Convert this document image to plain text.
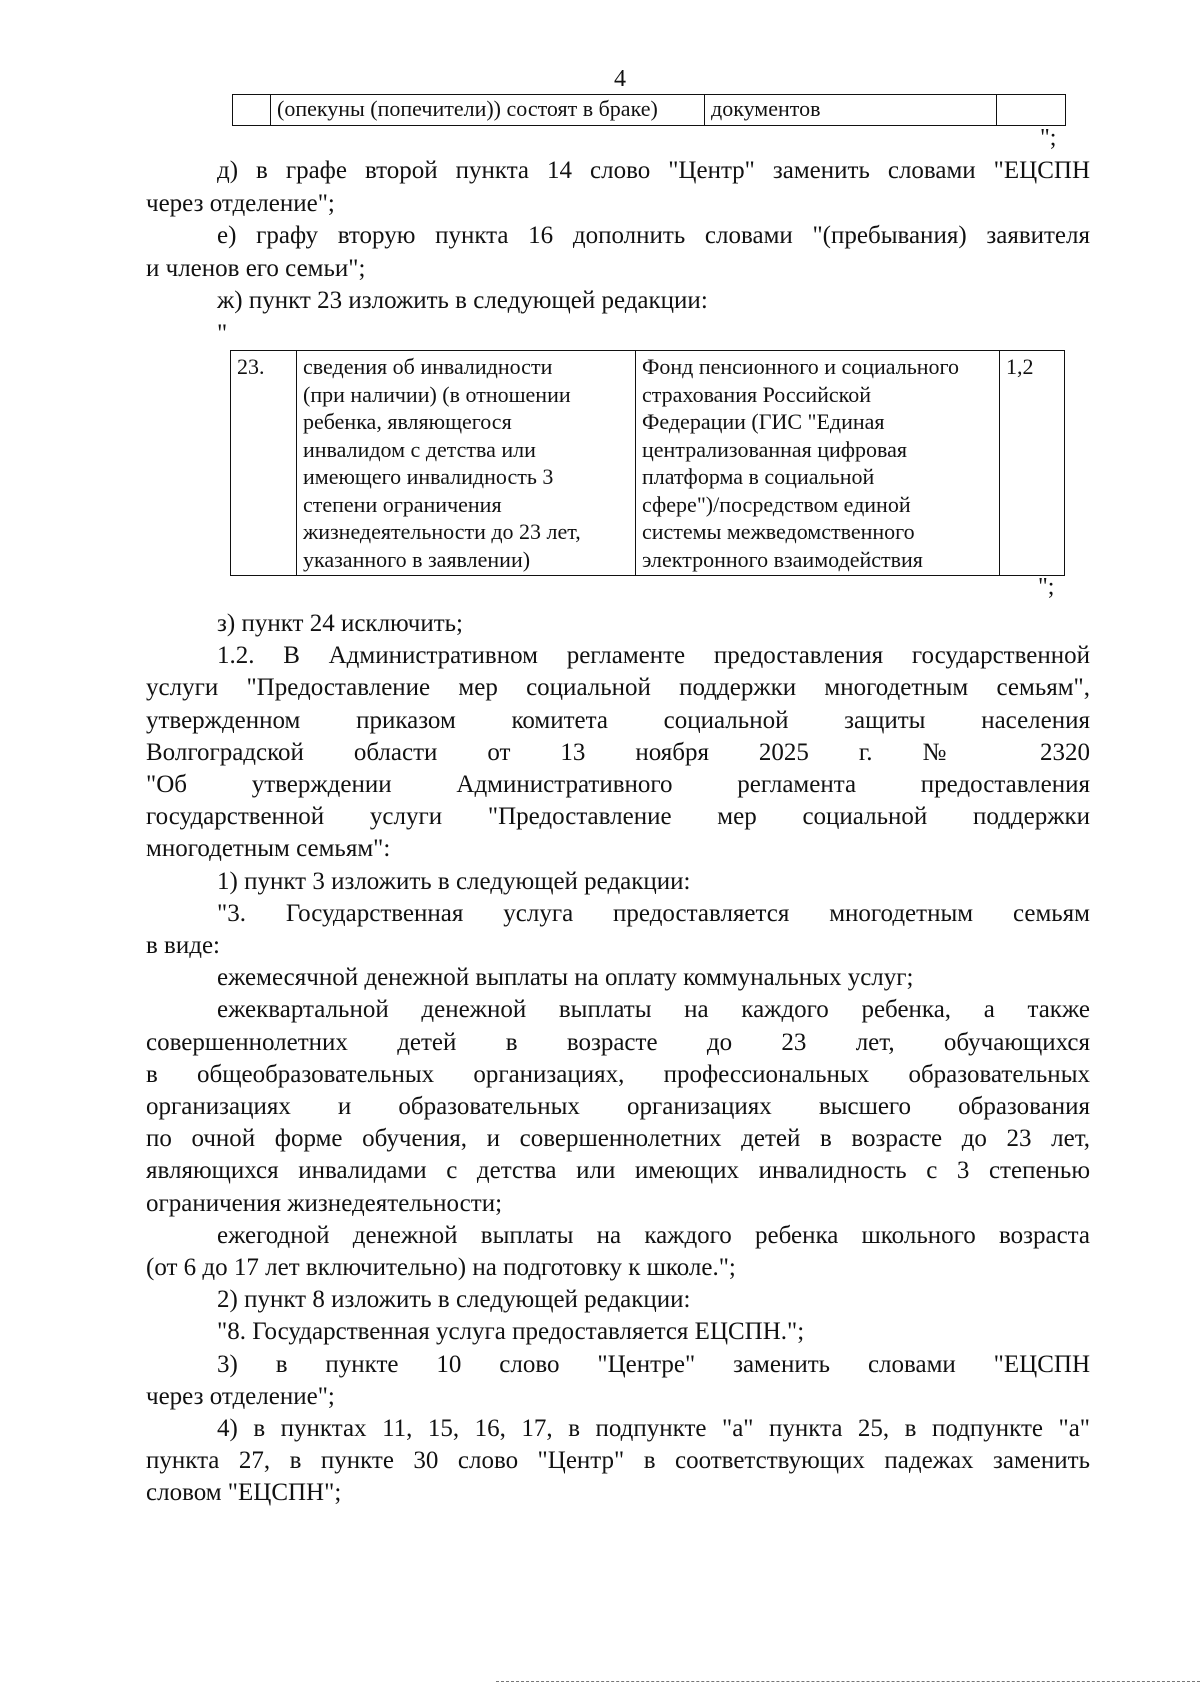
4
(опекуны (попечители)) состоят в браке)	документов
";
д) в графе второй пункта 14 слово "Центр" заменить словами "ЕЦСПН
через отделение";
е) графу вторую пункта 16 дополнить словами "(пребывания) заявителя
и членов его семьи";
ж) пункт 23 изложить в следующей редакции:
"
23.	сведения об инвалидности
(при наличии) (в отношении
ребенка, являющегося
инвалидом с детства или
имеющего инвалидность 3
степени ограничения
жизнедеятельности до 23 лет,
указанного в заявлении)
Фонд пенсионного и социального
страхования Российской
Федерации (ГИС "Единая
централизованная цифровая
платформа в социальной
сфере")/посредством единой
системы межведомственного
электронного взаимодействия
1,2
";
з) пункт 24 исключить;
1.2. В Административном регламенте предоставления государственной
услуги "Предоставление мер социальной поддержки многодетным семьям",
утвержденном приказом комитета социальной защиты населения
Волгоградской области от 13 ноября 2025 г. № 2320
"Об утверждении Административного регламента предоставления
государственной услуги "Предоставление мер социальной поддержки
многодетным семьям":
1) пункт 3 изложить в следующей редакции:
"3. Государственная услуга предоставляется многодетным семьям
в виде:
ежемесячной денежной выплаты на оплату коммунальных услуг;
ежеквартальной денежной выплаты на каждого ребенка, а также
совершеннолетних детей в возрасте до 23 лет, обучающихся
в общеобразовательных организациях, профессиональных образовательных
организациях и образовательных организациях высшего образования
по очной форме обучения, и совершеннолетних детей в возрасте до 23 лет,
являющихся инвалидами с детства или имеющих инвалидность с 3 степенью
ограничения жизнедеятельности;
ежегодной денежной выплаты на каждого ребенка школьного возраста
(от 6 до 17 лет включительно) на подготовку к школе.";
2) пункт 8 изложить в следующей редакции:
"8. Государственная услуга предоставляется ЕЦСПН.";
3) в пункте 10 слово "Центре" заменить словами "ЕЦСПН
через отделение";
4) в пунктах 11, 15, 16, 17, в подпункте "а" пункта 25, в подпункте "а"
пункта 27, в пункте 30 слово "Центр" в соответствующих падежах заменить
словом "ЕЦСПН";
